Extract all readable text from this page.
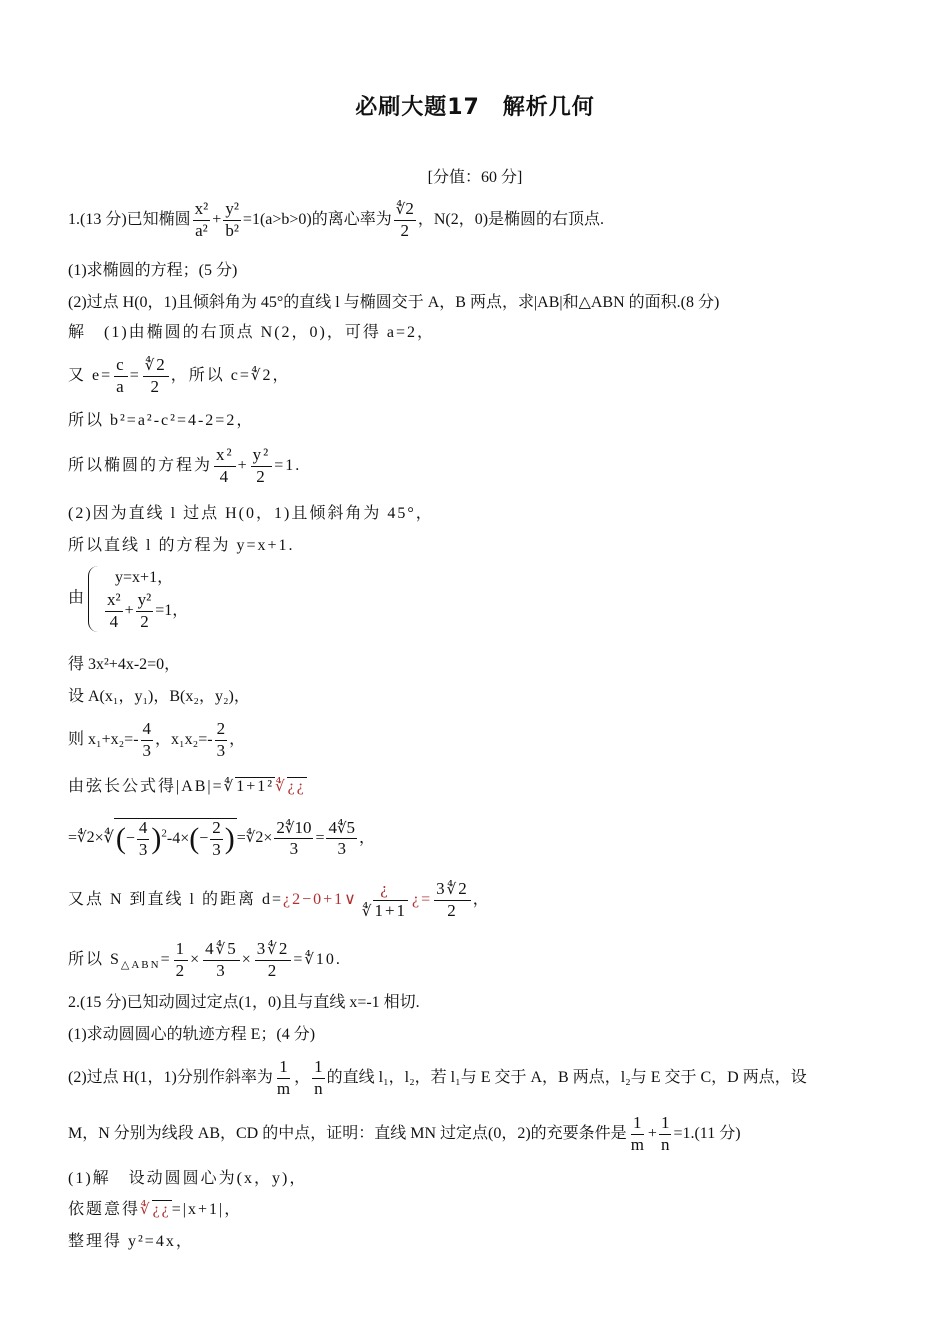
必刷大题17　解析几何
[分值：60 分]
1.(13 分)已知椭圆 $\frac{\text{x²}}{\text{a²}} + \frac{\text{y²}}{\text{b²}} =1(a>b>0)$的离心率为 $\frac{∜2}{2}$ ，N(2，0)是椭圆的右顶点.
(1)求椭圆的方程；(5 分)
(2)过点 H(0，1)且倾斜角为 45°的直线 l 与椭圆交于 A，B 两点，求|AB|和△ABN 的面积.(8 分)
解　(1)由椭圆的右顶点 N(2，0)，可得 a=2，
又 $e= \frac{c}{a} = \frac{∜2}{2}$ ，所以 c=∜2，
所以 b²=a²-c²=4-2=2，
所以椭圆的方程为 $\frac{\text{x²}}{4} + \frac{\text{y²}}{2} =1$.
(2)因为直线 l 过点 H(0，1)且倾斜角为 45°，
所以直线 l 的方程为 y=x+1.
由
y=x+1，
$\frac{\text{x²}}{4} + \frac{\text{y²}}{2} =1$，
得 3x²+4x-2=0，
设 A(x₁，y₁)，B(x₂，y₂)，
则 $x_1+x_2=- \frac{4}{3}$ ，$x_1x_2=- \frac{2}{3}$ ，
由弦长公式得|AB|=∜1+1²∜¿¿
=∜2×∜(− $\frac{4}{3} )^2-4\times(- \frac{2}{3}$ ) =∜2× $\frac{2∜10}{3} = \frac{4∜5}{3}$ ，
又点 N 到直线 l 的距离 d=¿2−0+1∨ $\frac{¿}{∜1+1}$ ¿= $\frac{3∜2}{2}$ ，
所以 $S_{\triangle ABN}= \frac{1}{2} \times \frac{4∜5}{3} \times \frac{3∜2}{2}$ =∜10.
2.(15 分)已知动圆过定点(1，0)且与直线 x=-1 相切.
(1)求动圆圆心的轨迹方程 E；(4 分)
(2)过点 H(1，1)分别作斜率为 $\frac{1}{m}$ ， $\frac{1}{n}$ 的直线 l₁，l₂，若 l₁与 E 交于 A，B 两点，l₂与 E 交于 C，D 两点，设
M，N 分别为线段 AB，CD 的中点，证明：直线 MN 过定点(0，2)的充要条件是 $\frac{1}{m} + \frac{1}{n} =1.(11$ 分)
(1)解　设动圆圆心为(x，y)，
依题意得∜¿¿=|x+1|，
整理得 y²=4x，
